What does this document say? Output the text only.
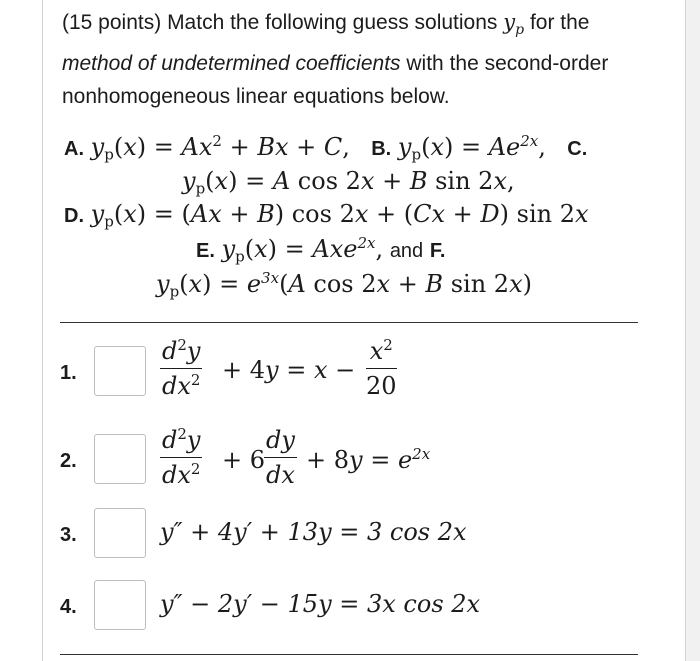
(15 points) Match the following guess solutions $y_p$ for the method of undetermined coefficients with the second-order nonhomogeneous linear equations below.
A. $y_p(x) = Ax^2 + Bx + C$, B. $y_p(x) = Ae^{2x}$, C.
$y_p(x) = A$ cos 2x + B sin 2x,
D. $y_p(x) = (Ax + B)$ cos 2x + (Cx + D) sin 2x
E. $y_p(x) = Axe^{2x}$, and F.
$y_p(x) = e^{3x}(A$ cos 2x + B sin 2x)
1.	$\frac{d^2y}{dx^2} + 4y = x - \frac{x^2}{20}$
2.	$\frac{d^2y}{dx^2} + 6$
$\frac{dy}{dx} + 8y = e^{2x}$
3.	y″ + 4y′ + 13y = 3 cos 2x
4.	y″ − 2y′ − 15y = 3x cos 2x
